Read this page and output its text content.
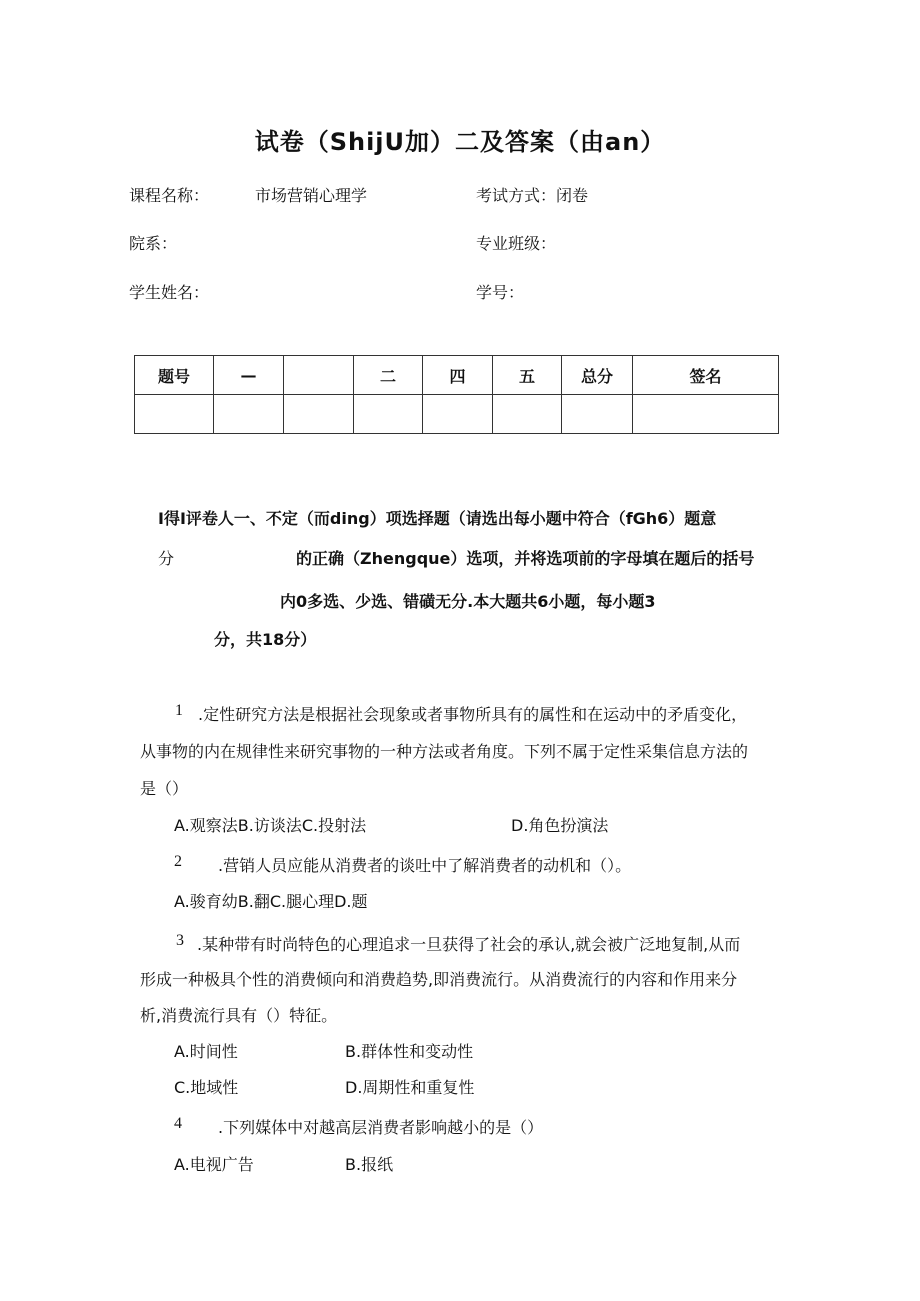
试卷（ShijU加）二及答案（由an）
课程名称：	市场营销心理学	考试方式： 闭卷
院系：	专业班级：
学生姓名：	学号：
题号	—		二	四	五	总分	签名

I得I评卷人一、不定（而ding）项选择题（请选出每小题中符合（fGh6）题意
分	的正确（Zhengque）选项，并将选项前的字母填在题后的括号
内0多选、少选、错磺无分.本大题共6小题，每小题3
分，共18分）
1 .定性研究方法是根据社会现象或者事物所具有的属性和在运动中的矛盾变化，
从事物的内在规律性来研究事物的一种方法或者角度。下列不属于定性采集信息方法的
是（）
A.观察法B.访谈法C.投射法	D.角色扮演法
2 .营销人员应能从消费者的谈吐中了解消费者的动机和（）。
A.骏育幼B.翻C.腿心理D.题
3 .某种带有时尚特色的心理追求一旦获得了社会的承认,就会被广泛地复制,从而
形成一种极具个性的消费倾向和消费趋势,即消费流行。从消费流行的内容和作用来分
析,消费流行具有（）特征。
A.时间性	B.群体性和变动性
C.地域性	D.周期性和重复性
4 .下列媒体中对越高层消费者影响越小的是（）
A.电视广告	B.报纸
